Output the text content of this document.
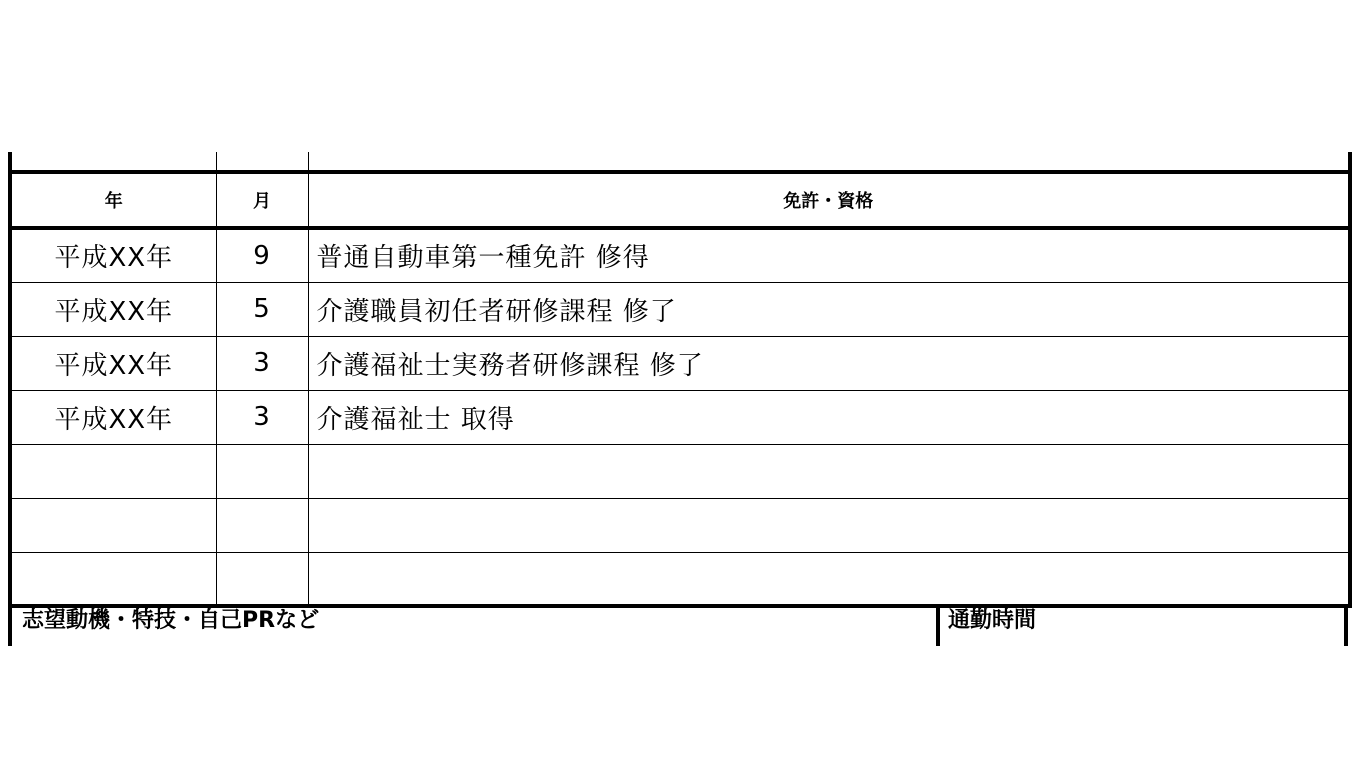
年	月	免許・資格
平成XX年	9	普通自動車第一種免許 修得
平成XX年	5	介護職員初任者研修課程 修了
平成XX年	3	介護福祉士実務者研修課程 修了
平成XX年	3	介護福祉士 取得

志望動機・特技・自己PRなど	通勤時間
